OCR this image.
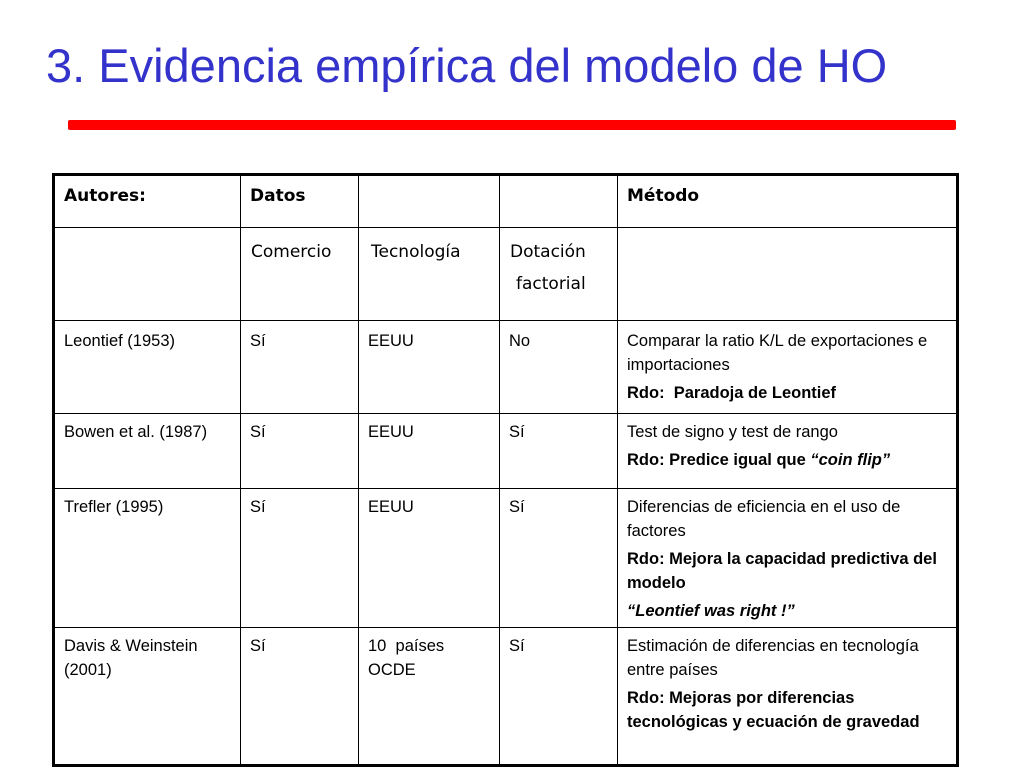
3. Evidencia empírica del modelo de HO
Autores:	Datos			Método
	Comercio	Tecnología	Dotación
factorial	

Leontief (1953)	Sí	EEUU	No	Comparar la ratio K/L de exportaciones e importaciones
Rdo:  Paradoja de Leontief

Bowen et al. (1987)	Sí	EEUU	Sí	Test de signo y test de rango
Rdo: Predice igual que “coin flip”

Trefler (1995)	Sí	EEUU	Sí	Diferencias de eficiencia en el uso de factores
Rdo: Mejora la capacidad predictiva del modelo
“Leontief was right !”

Davis & Weinstein (2001)	Sí	10  países OCDE	Sí	Estimación de diferencias en tecnología entre países
Rdo: Mejoras por diferencias tecnológicas y ecuación de gravedad
